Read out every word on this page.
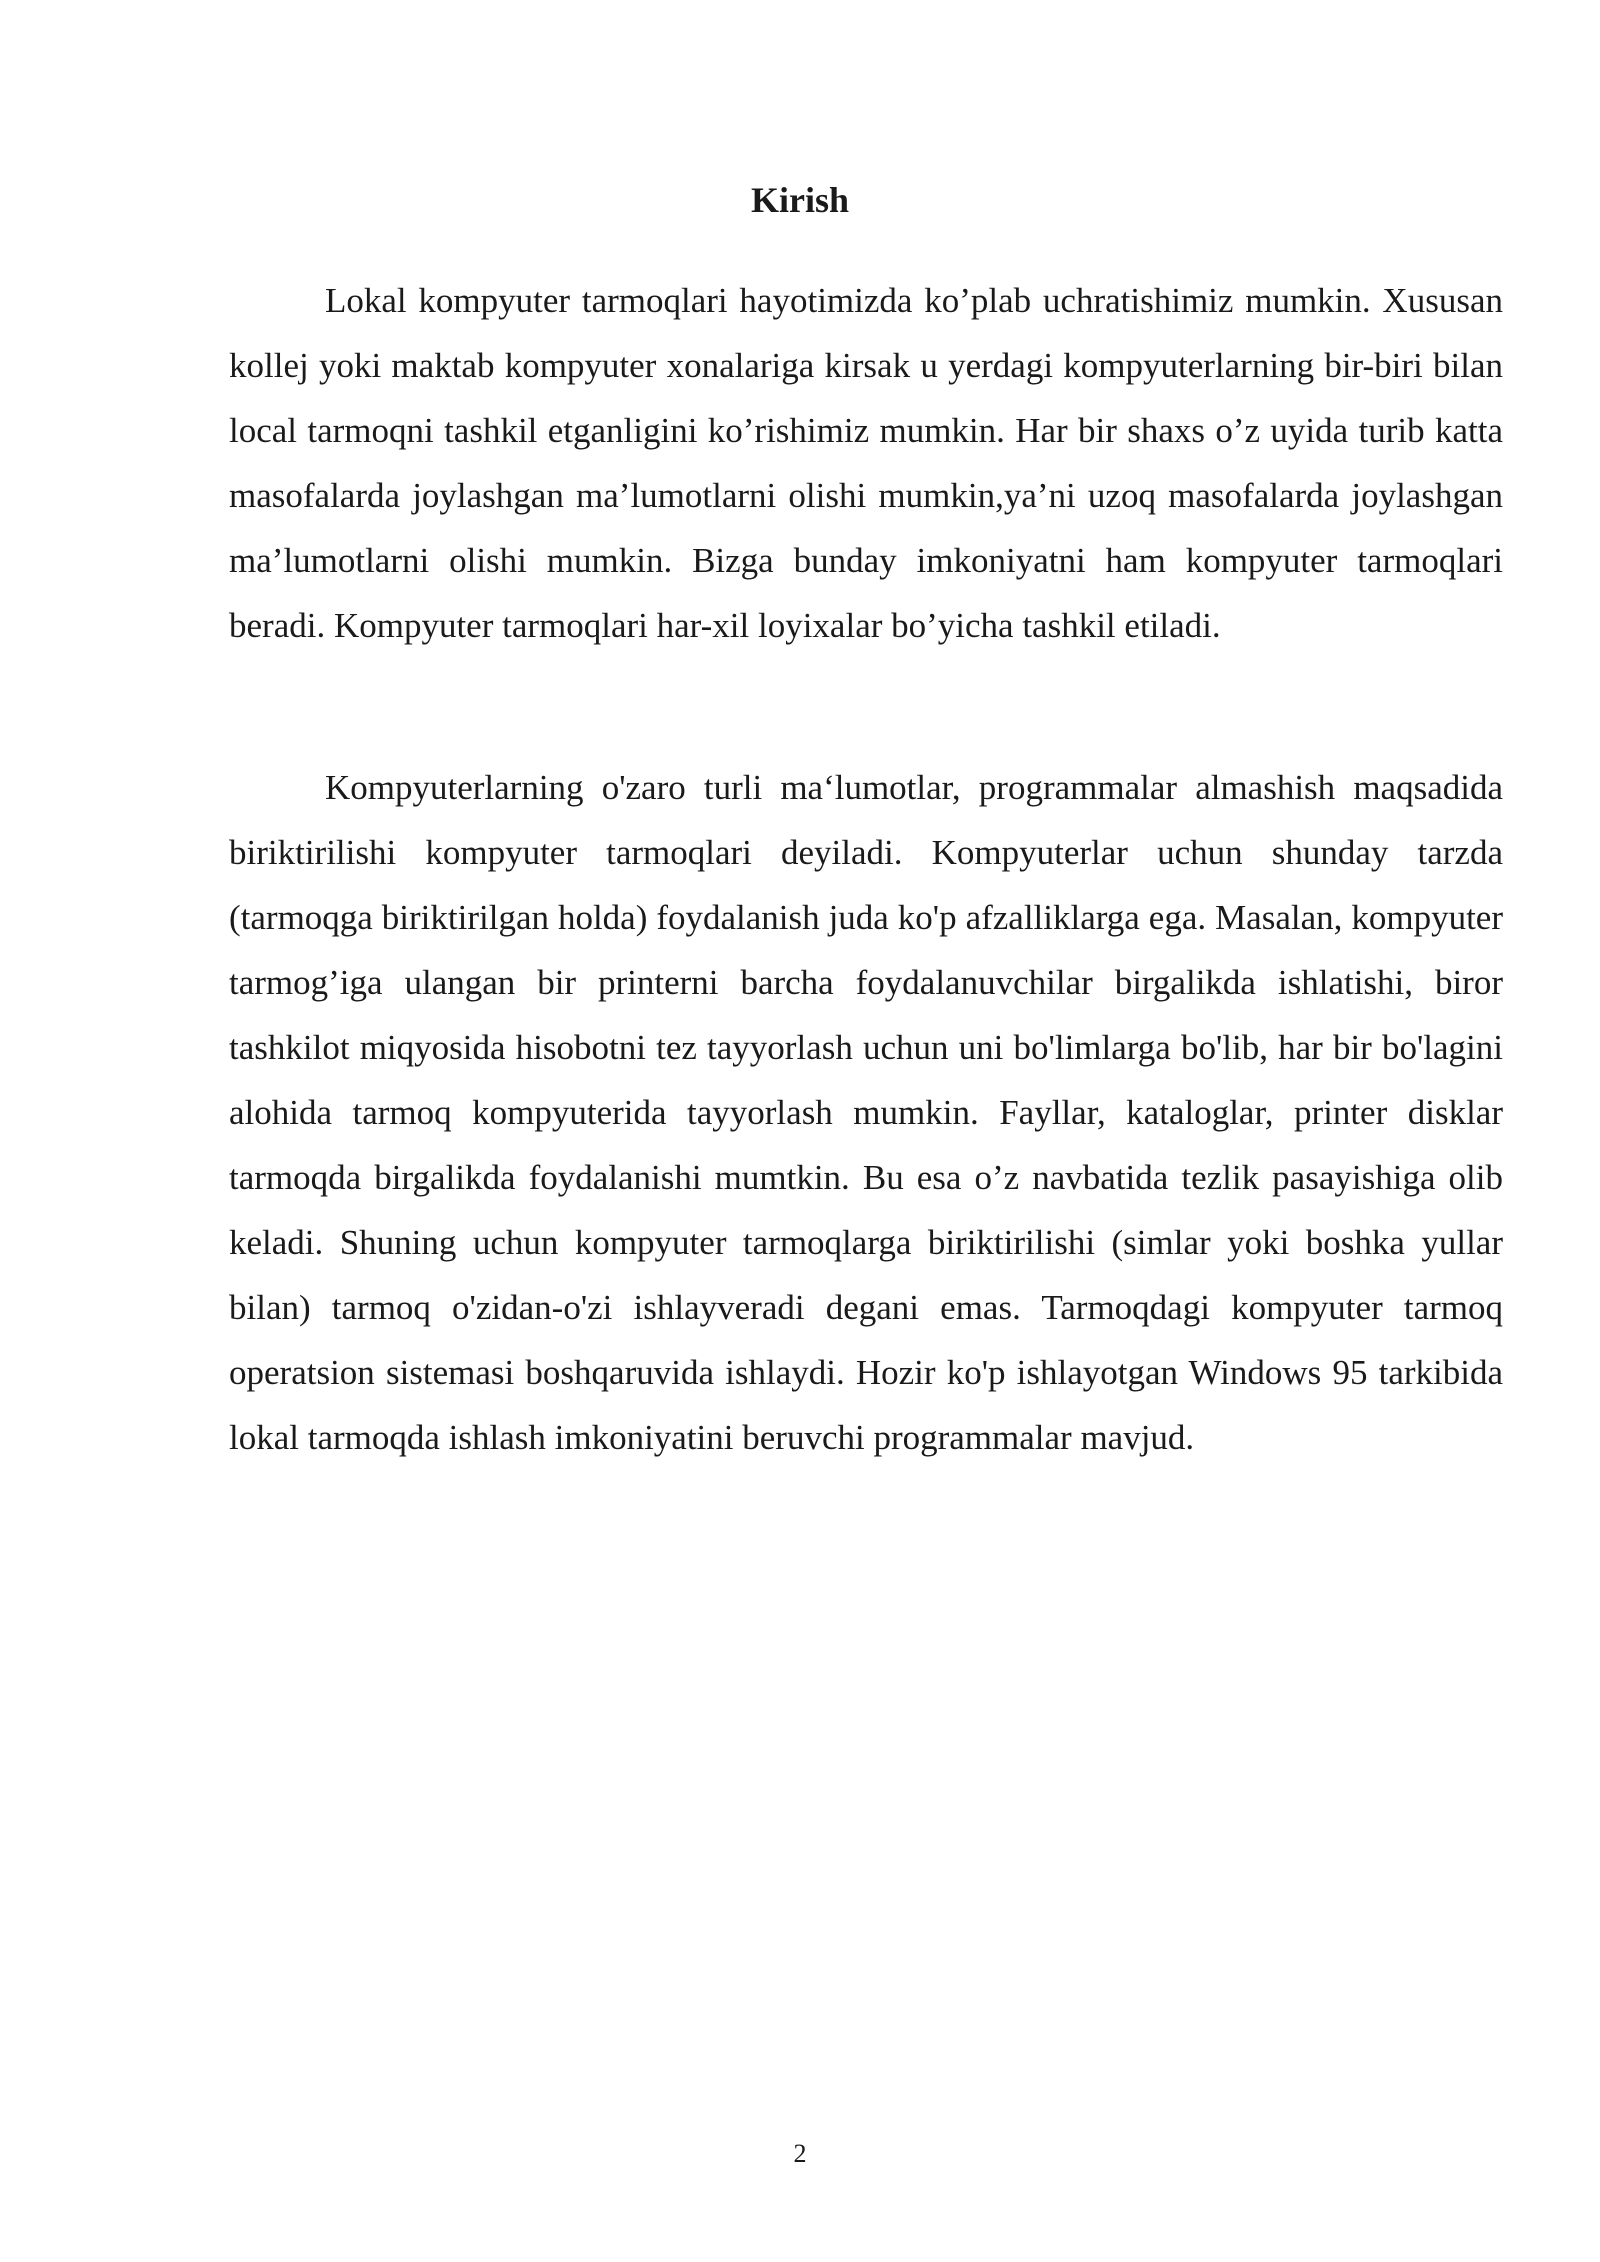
Kirish

Lokal kompyuter tarmoqlari hayotimizda ko’plab uchratishimiz mumkin. Xususan kollej yoki maktab kompyuter xonalariga kirsak u yerdagi kompyuterlarning bir-biri bilan local tarmoqni tashkil etganligini ko’rishimiz mumkin. Har bir shaxs o’z uyida turib katta masofalarda joylashgan ma’lumotlarni olishi mumkin,ya’ni uzoq masofalarda joylashgan ma’lumotlarni olishi mumkin. Bizga bunday imkoniyatni ham kompyuter tarmoqlari beradi. Kompyuter tarmoqlari har-xil loyixalar bo’yicha tashkil etiladi.

Kompyuterlarning o'zaro turli ma‘lumotlar, programmalar almashish maqsadida biriktirilishi kompyuter tarmoqlari deyiladi. Kompyuterlar uchun shunday tarzda (tarmoqga biriktirilgan holda) foydalanish juda ko'p afzalliklarga ega. Masalan, kompyuter tarmog’iga ulangan bir printerni barcha foydalanuvchilar birgalikda ishlatishi, biror tashkilot miqyosida hisobotni tez tayyorlash uchun uni bo'limlarga bo'lib, har bir bo'lagini alohida tarmoq kompyuterida tayyorlash mumkin. Fayllar, kataloglar, printer disklar tarmoqda birgalikda foydalanishi mumtkin. Bu esa o’z navbatida tezlik pasayishiga olib keladi. Shuning uchun kompyuter tarmoqlarga biriktirilishi (simlar yoki boshka yullar bilan) tarmoq o'zidan-o'zi ishlayveradi degani emas. Tarmoqdagi kompyuter tarmoq operatsion sistemasi boshqaruvida ishlaydi. Hozir ko'p ishlayotgan Windows 95 tarkibida lokal tarmoqda ishlash imkoniyatini beruvchi programmalar mavjud.

2
